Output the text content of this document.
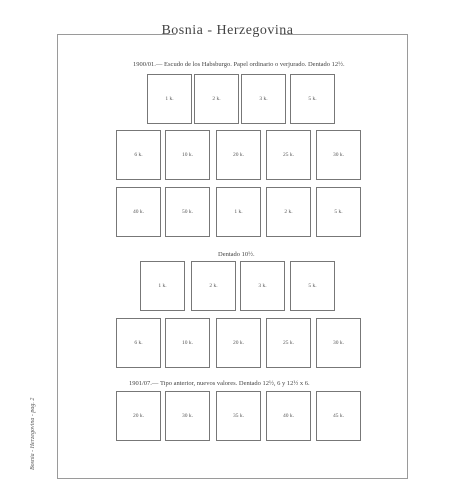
Bosnia - Herzegovina
Bosnia - Herzegovina - pag. 2
1900/01.— Escudo de los Habsburgo. Papel ordinario o verjurado. Dentado 12½.
1 k.	2 k.	3 k.	5 k.
6 k.	10 k.	20 k.	25 k.	30 k.
40 k.	50 k.	1 k.	2 k.	5 k.
Dentado 10½.
1 k.	2 k.	3 k.	5 k.
6 k.	10 k.	20 k.	25 k.	30 k.
1901/07.— Tipo anterior, nuevos valores. Dentado 12½, 6 y 12½ x 6.
20 k.	30 k.	35 k.	40 k.	45 k.
